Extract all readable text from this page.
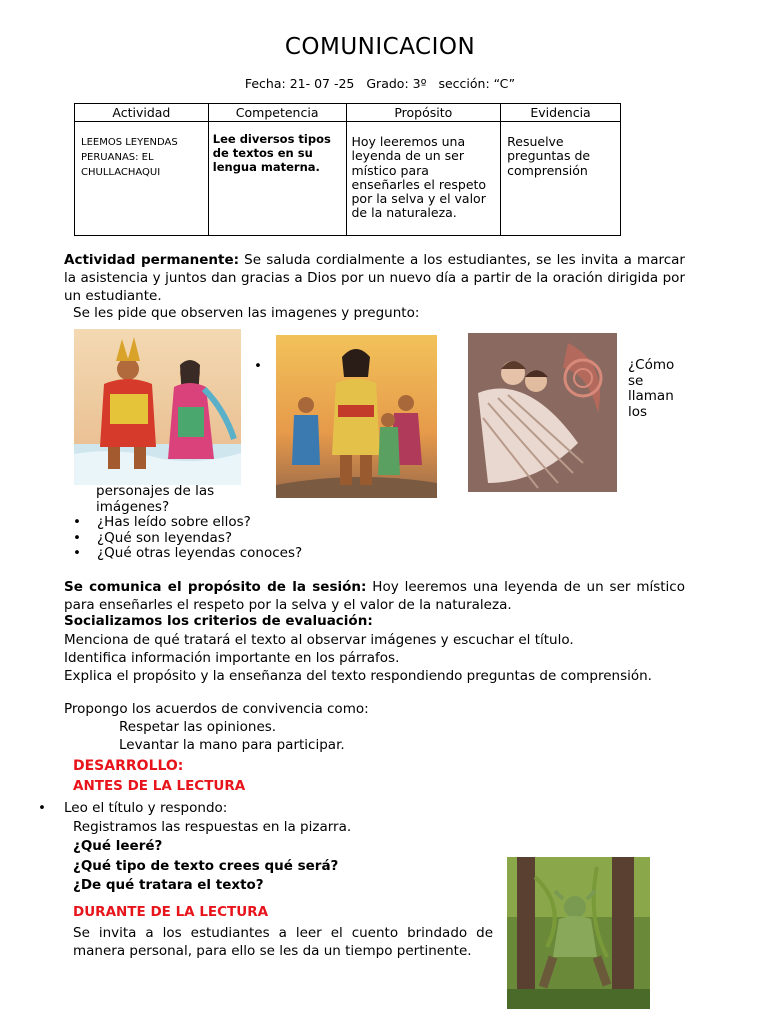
COMUNICACION
Fecha: 21- 07 -25 Grado: 3º sección: “C”
Actividad	Competencia	Propósito	Evidencia
LEEMOS LEYENDAS PERUANAS: EL CHULLACHAQUI	Lee diversos tipos de textos en su lengua materna.	Hoy leeremos una leyenda de un ser místico para enseñarles el respeto por la selva y el valor de la naturaleza.	Resuelve preguntas de comprensión
Actividad permanente: Se saluda cordialmente a los estudiantes, se les invita a marcar la asistencia y juntos dan gracias a Dios por un nuevo día a partir de la oración dirigida por un estudiante.
Se les pide que observen las imagenes y pregunto:
•	¿Cómo se llaman los
personajes de las imágenes?
• ¿Has leído sobre ellos?
• ¿Qué son leyendas?
• ¿Qué otras leyendas conoces?
Se comunica el propósito de la sesión: Hoy leeremos una leyenda de un ser místico para enseñarles el respeto por la selva y el valor de la naturaleza.
Socializamos los criterios de evaluación:
Menciona de qué tratará el texto al observar imágenes y escuchar el título.
Identifica información importante en los párrafos.
Explica el propósito y la enseñanza del texto respondiendo preguntas de comprensión.
Propongo los acuerdos de convivencia como:
Respetar las opiniones.
Levantar la mano para participar.
DESARROLLO:
ANTES DE LA LECTURA
• Leo el título y respondo:
Registramos las respuestas en la pizarra.
¿Qué leeré?
¿Qué tipo de texto crees qué será?
¿De qué tratara el texto?
DURANTE DE LA LECTURA
Se invita a los estudiantes a leer el cuento brindado de manera personal, para ello se les da un tiempo pertinente.
